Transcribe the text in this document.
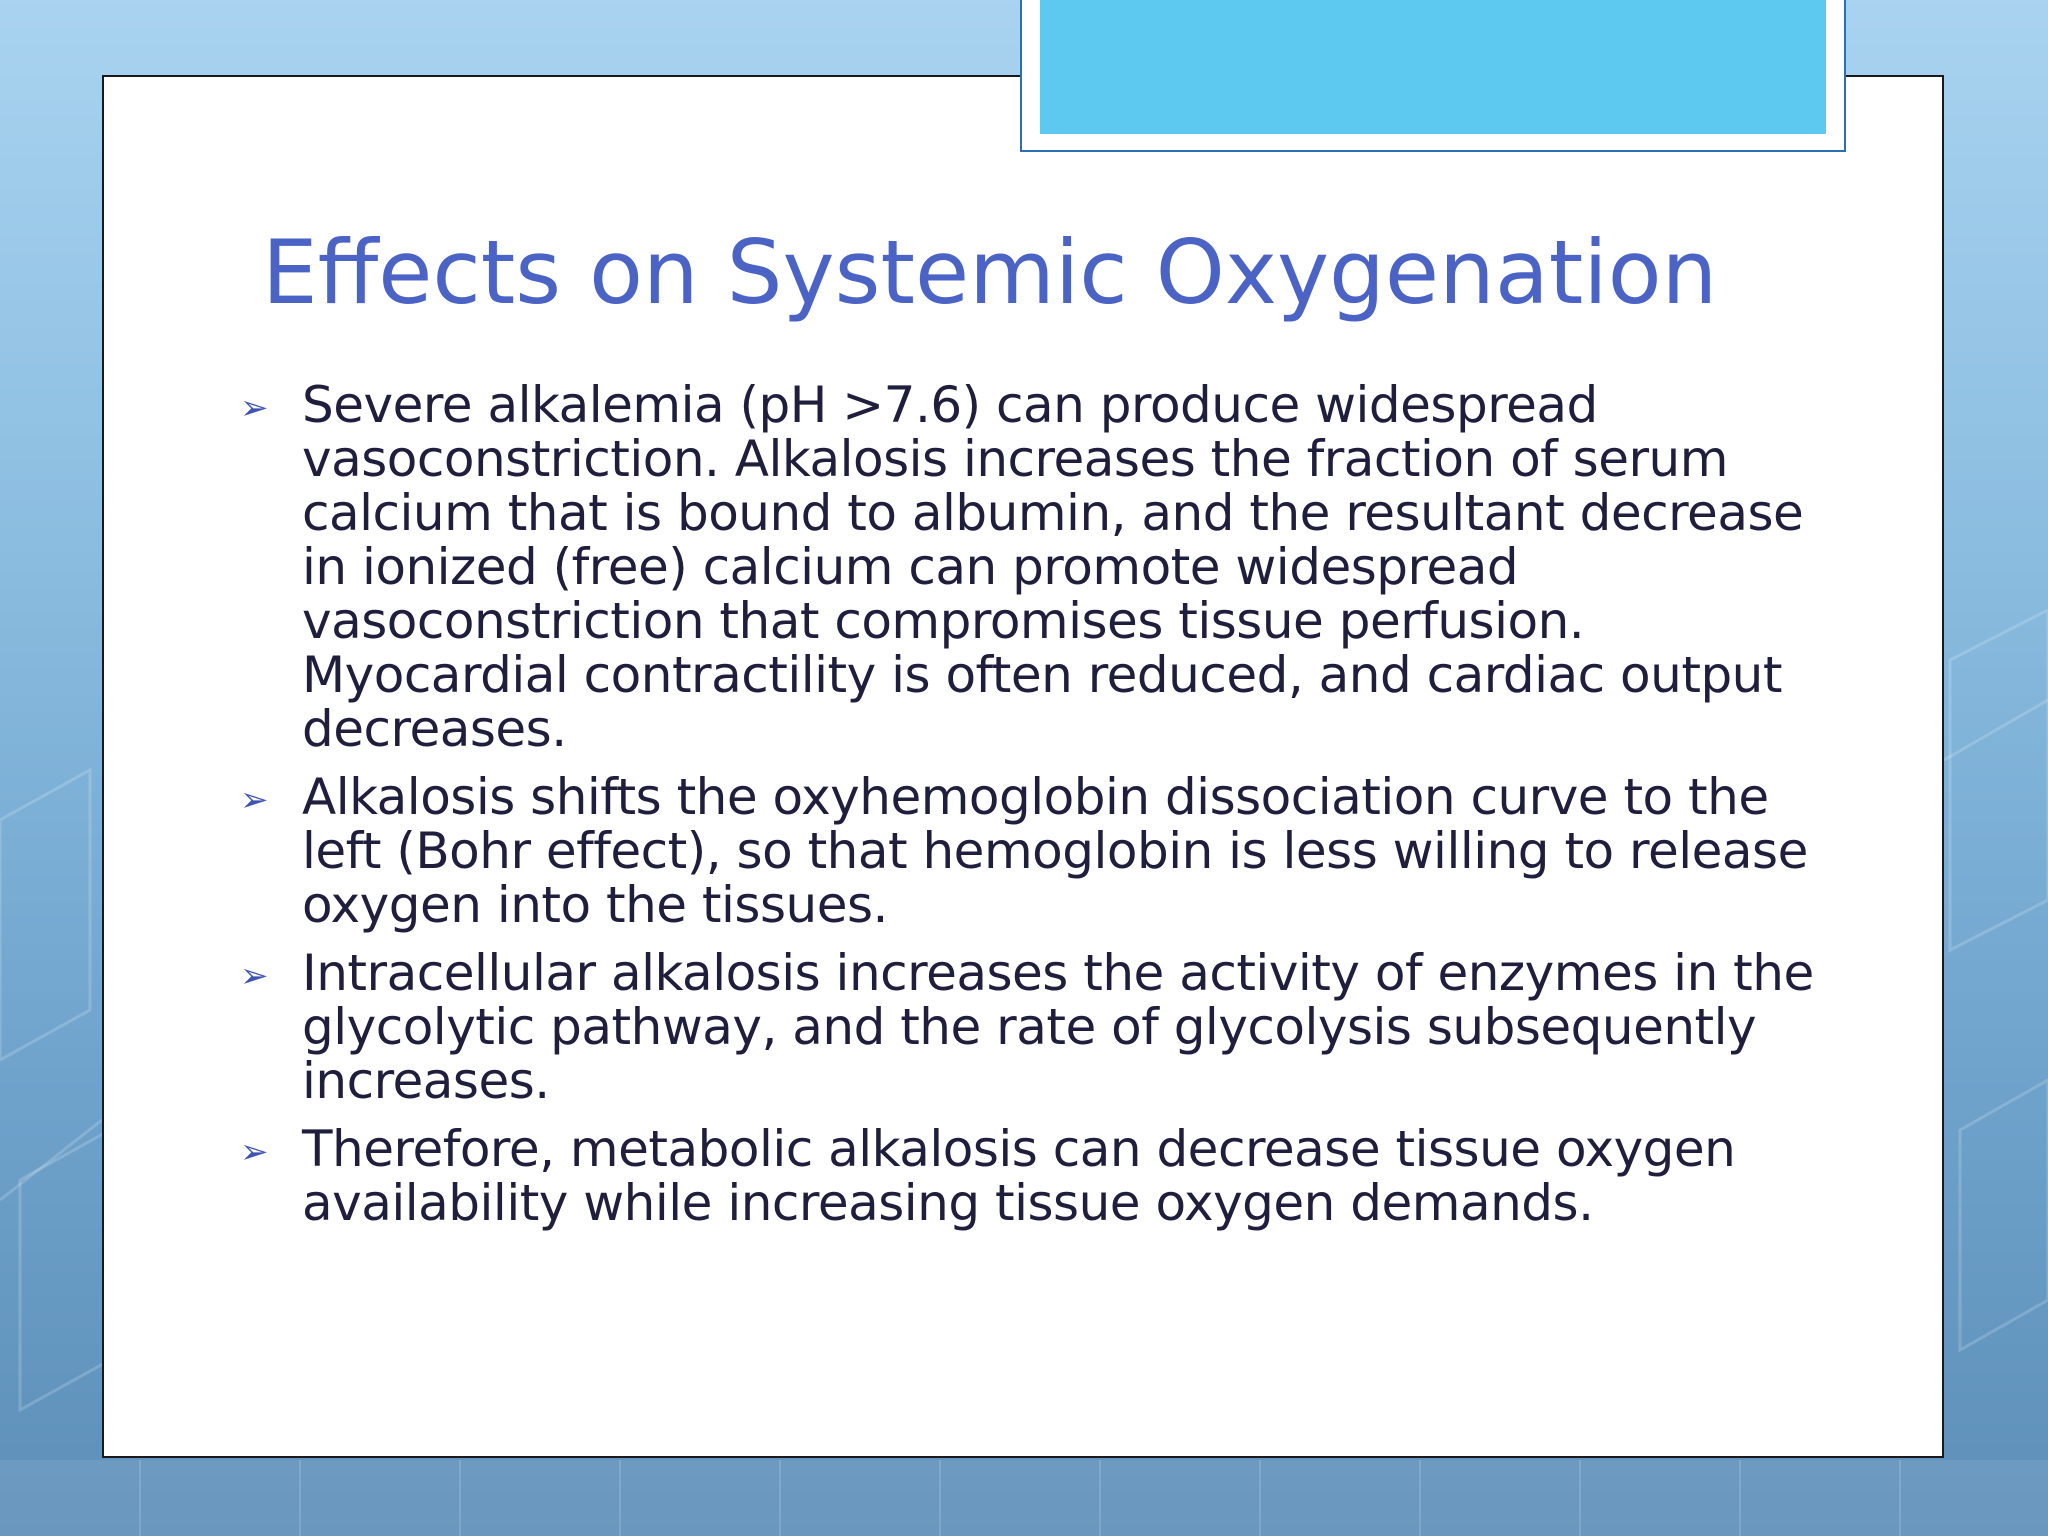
Effects on Systemic Oxygenation
➢ Severe alkalemia (pH >7.6) can produce widespread vasoconstriction. Alkalosis increases the fraction of serum calcium that is bound to albumin, and the resultant decrease in ionized (free) calcium can promote widespread vasoconstriction that compromises tissue perfusion. Myocardial contractility is often reduced, and cardiac output decreases.
➢ Alkalosis shifts the oxyhemoglobin dissociation curve to the left (Bohr effect), so that hemoglobin is less willing to release oxygen into the tissues.
➢ Intracellular alkalosis increases the activity of enzymes in the glycolytic pathway, and the rate of glycolysis subsequently increases.
➢ Therefore, metabolic alkalosis can decrease tissue oxygen availability while increasing tissue oxygen demands.
